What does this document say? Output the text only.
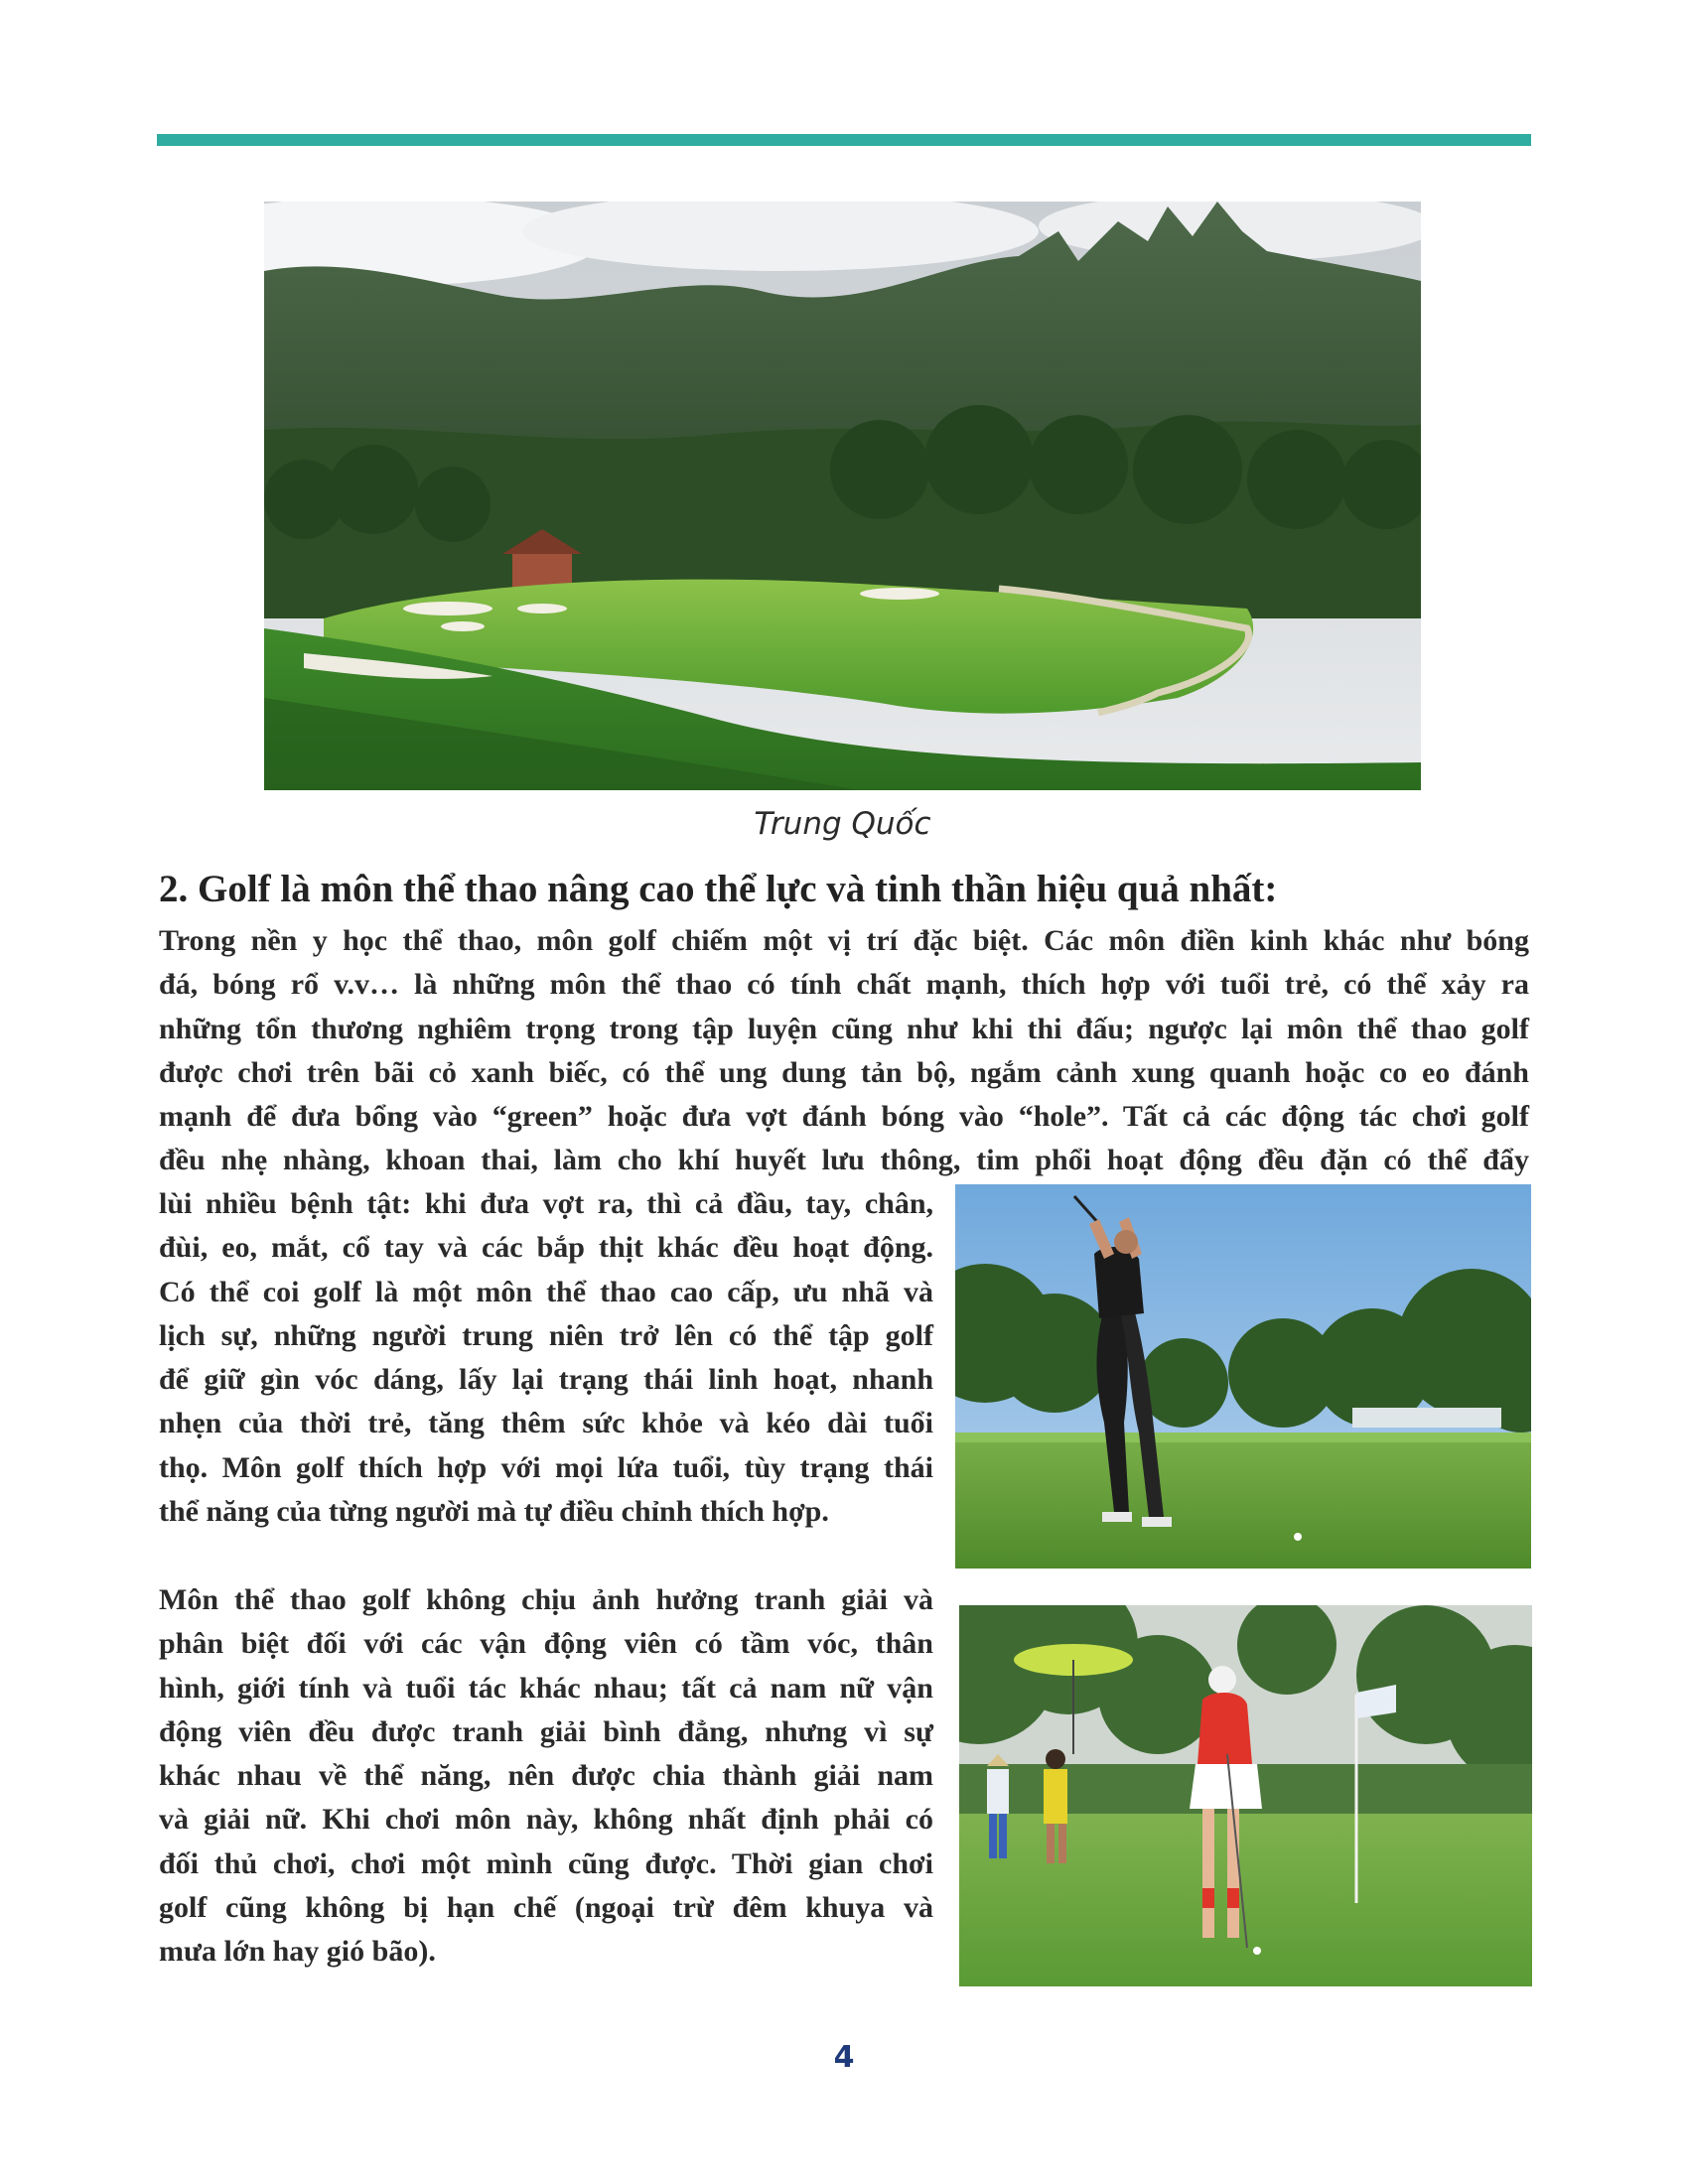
Trung Quốc

2. Golf là môn thể thao nâng cao thể lực và tinh thần hiệu quả nhất:
Trong nền y học thể thao, môn golf chiếm một vị trí đặc biệt. Các môn điền kinh khác như bóng
đá, bóng rổ v.v… là những môn thể thao có tính chất mạnh, thích hợp với tuổi trẻ, có thể xảy ra
những tổn thương nghiêm trọng trong tập luyện cũng như khi thi đấu; ngược lại môn thể thao golf
được chơi trên bãi cỏ xanh biếc, có thể ung dung tản bộ, ngắm cảnh xung quanh hoặc co eo đánh
mạnh để đưa bổng vào “green” hoặc đưa vợt đánh bóng vào “hole”. Tất cả các động tác chơi golf
đều nhẹ nhàng, khoan thai, làm cho khí huyết lưu thông, tim phổi hoạt động đều đặn có thể đẩy
lùi nhiều bệnh tật: khi đưa vợt ra, thì cả đầu, tay, chân,
đùi, eo, mắt, cổ tay và các bắp thịt khác đều hoạt động.
Có thể coi golf là một môn thể thao cao cấp, ưu nhã và
lịch sự, những người trung niên trở lên có thể tập golf
để giữ gìn vóc dáng, lấy lại trạng thái linh hoạt, nhanh
nhẹn của thời trẻ, tăng thêm sức khỏe và kéo dài tuổi
thọ. Môn golf thích hợp với mọi lứa tuổi, tùy trạng thái
thể năng của từng người mà tự điều chỉnh thích hợp.
Môn thể thao golf không chịu ảnh hưởng tranh giải và
phân biệt đối với các vận động viên có tầm vóc, thân
hình, giới tính và tuổi tác khác nhau; tất cả nam nữ vận
động viên đều được tranh giải bình đẳng, nhưng vì sự
khác nhau về thể năng, nên được chia thành giải nam
và giải nữ. Khi chơi môn này, không nhất định phải có
đối thủ chơi, chơi một mình cũng được. Thời gian chơi
golf cũng không bị hạn chế (ngoại trừ đêm khuya và
mưa lớn hay gió bão).

4
